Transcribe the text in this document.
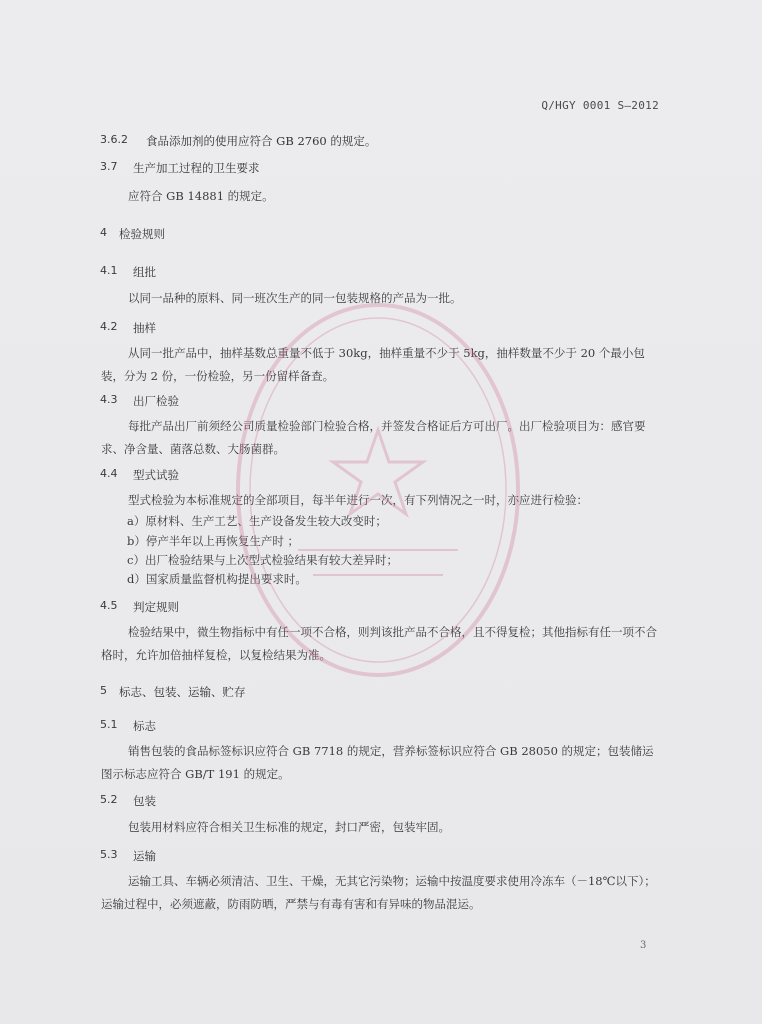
Q/HGY 0001 S—2012
3.6.2 食品添加剂的使用应符合 GB 2760 的规定。
3.7 生产加工过程的卫生要求
应符合 GB 14881 的规定。
4 检验规则
4.1 组批
以同一品种的原料、同一班次生产的同一包装规格的产品为一批。
4.2 抽样
从同一批产品中，抽样基数总重量不低于 30kg，抽样重量不少于 5kg，抽样数量不少于 20 个最小包装，分为 2 份，一份检验，另一份留样备查。
4.3 出厂检验
每批产品出厂前须经公司质量检验部门检验合格，并签发合格证后方可出厂。出厂检验项目为：感官要求、净含量、菌落总数、大肠菌群。
4.4 型式试验
型式检验为本标准规定的全部项目，每半年进行一次，有下列情况之一时，亦应进行检验：
a）原材料、生产工艺、生产设备发生较大改变时；
b）停产半年以上再恢复生产时 ；
c）出厂检验结果与上次型式检验结果有较大差异时；
d）国家质量监督机构提出要求时。
4.5 判定规则
检验结果中，微生物指标中有任一项不合格，则判该批产品不合格，且不得复检；其他指标有任一项不合格时，允许加倍抽样复检，以复检结果为准。
5 标志、包装、运输、贮存
5.1 标志
销售包装的食品标签标识应符合 GB 7718 的规定，营养标签标识应符合 GB 28050 的规定；包装储运图示标志应符合 GB/T 191 的规定。
5.2 包装
包装用材料应符合相关卫生标准的规定，封口严密，包装牢固。
5.3 运输
运输工具、车辆必须清洁、卫生、干燥，无其它污染物；运输中按温度要求使用冷冻车（－18℃以下）；运输过程中，必须遮蔽，防雨防晒，严禁与有毒有害和有异味的物品混运。
3
